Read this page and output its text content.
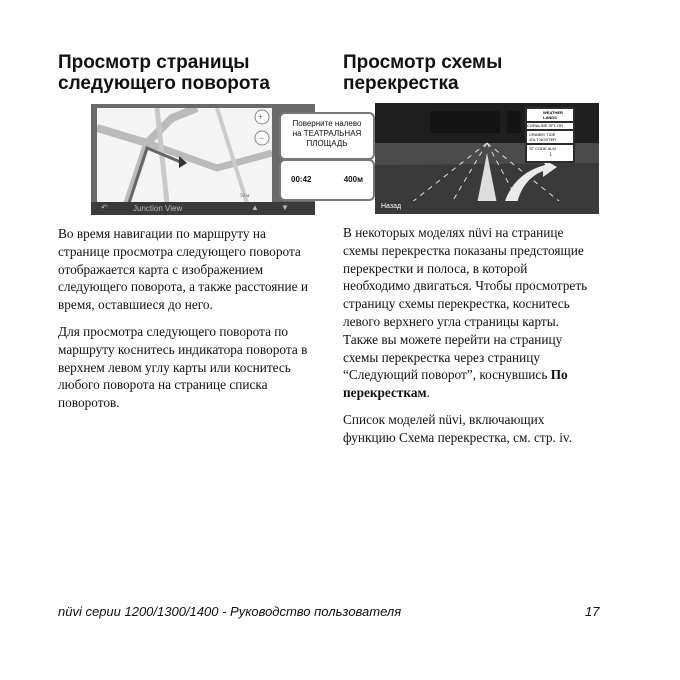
Просмотр страницы
следующего поворота
+
−
50 м
Поверните налево
на ТЕАТРАЛЬНАЯ
ПЛОЩАДЬ
00:42	400м
↶	Junction View	▲	▼

Во время навигации по маршруту на странице просмотра следующего поворота отображается карта с изображением следующего поворота, а также расстояние и время, оставшиеся до него.

Для просмотра следующего поворота по маршруту коснитесь индикатора поворота в верхнем левом углу карты или коснитесь любого поворота на странице списка поворотов.

Просмотр схемы
перекрестка
WEATHER
LANDS
CORALINE SF1 OR
CRABBY TIDE
JOLT NOSTER
ST CODE ALM
↓
Назад

В некоторых моделях nüvi на странице схемы перекрестка показаны предстоящие перекрестки и полоса, в которой необходимо двигаться. Чтобы просмотреть страницу схемы перекрестка, коснитесь левого верхнего угла страницы карты. Также вы можете перейти на страницу схемы перекрестка через страницу “Следующий поворот”, коснувшись По перекресткам.

Список моделей nüvi, включающих функцию Схема перекрестка, см. стр. iv.

nüvi серии 1200/1300/1400 - Руководство пользователя	17
